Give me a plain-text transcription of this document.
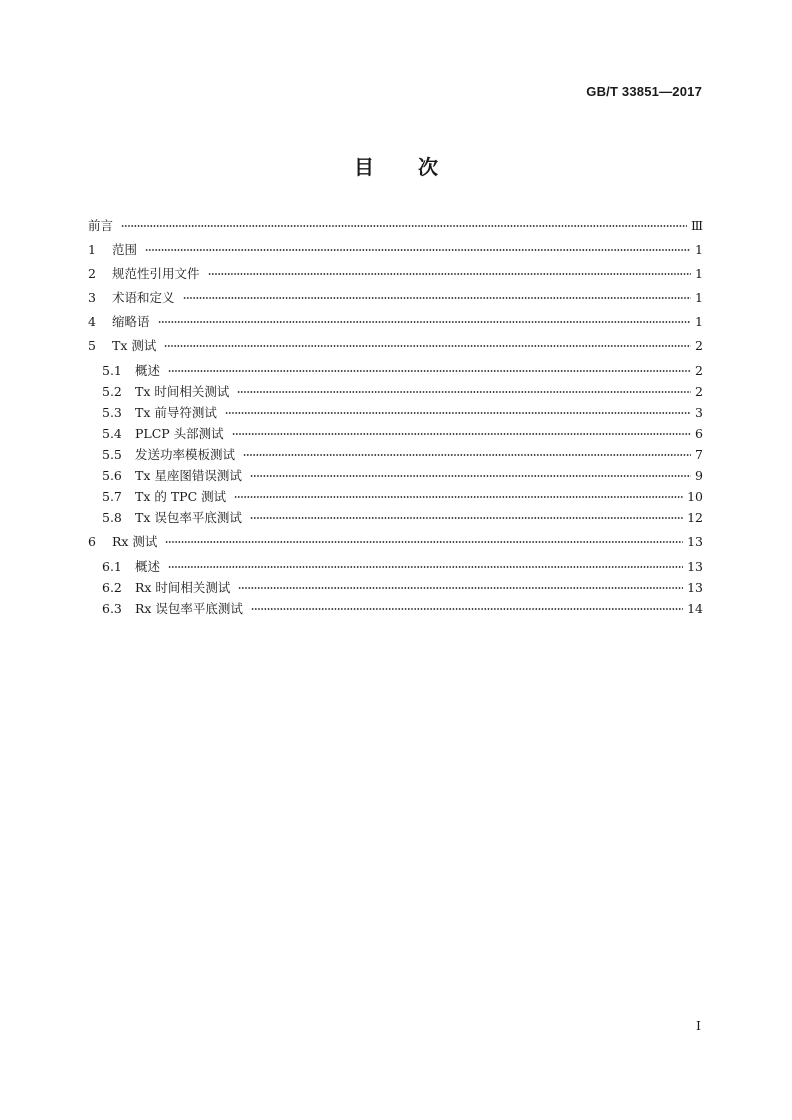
GB/T 33851—2017
目 次
前言	Ⅲ
1	范围	1
2	规范性引用文件	1
3	术语和定义	1
4	缩略语	1
5	Tx 测试	2
5.1	概述	2
5.2	Tx 时间相关测试	2
5.3	Tx 前导符测试	3
5.4	PLCP 头部测试	6
5.5	发送功率模板测试	7
5.6	Tx 星座图错误测试	9
5.7	Tx 的 TPC 测试	10
5.8	Tx 误包率平底测试	12
6	Rx 测试	13
6.1	概述	13
6.2	Rx 时间相关测试	13
6.3	Rx 误包率平底测试	14
I
